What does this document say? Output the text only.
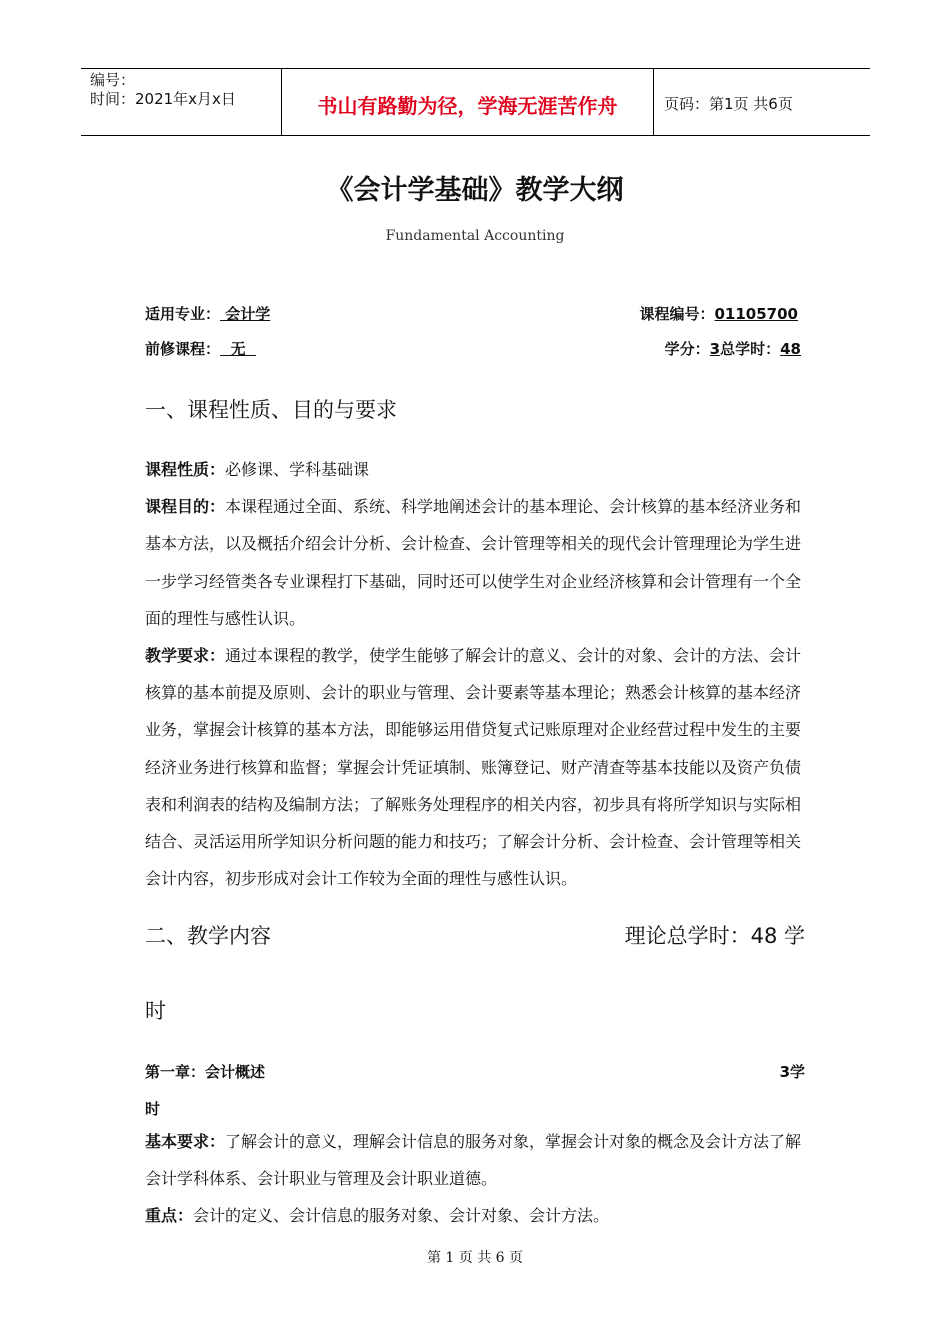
编号：
时间：2021年x月x日	书山有路勤为径，学海无涯苦作舟	页码：第1页 共6页
《会计学基础》教学大纲
Fundamental Accounting
适用专业： 会计学	课程编号：01105700
前修课程：  无	学分：3总学时：48
一、课程性质、目的与要求
课程性质：必修课、学科基础课
课程目的：本课程通过全面、系统、科学地阐述会计的基本理论、会计核算的基本经济业务和基本方法，以及概括介绍会计分析、会计检查、会计管理等相关的现代会计管理理论为学生进一步学习经管类各专业课程打下基础，同时还可以使学生对企业经济核算和会计管理有一个全面的理性与感性认识。
教学要求：通过本课程的教学，使学生能够了解会计的意义、会计的对象、会计的方法、会计核算的基本前提及原则、会计的职业与管理、会计要素等基本理论；熟悉会计核算的基本经济业务，掌握会计核算的基本方法，即能够运用借贷复式记账原理对企业经营过程中发生的主要经济业务进行核算和监督；掌握会计凭证填制、账簿登记、财产清查等基本技能以及资产负债表和利润表的结构及编制方法；了解账务处理程序的相关内容，初步具有将所学知识与实际相结合、灵活运用所学知识分析问题的能力和技巧；了解会计分析、会计检查、会计管理等相关会计内容，初步形成对会计工作较为全面的理性与感性认识。
二、教学内容	理论总学时：48 学
时
第一章：会计概述	3学
时
基本要求：了解会计的意义，理解会计信息的服务对象，掌握会计对象的概念及会计方法了解会计学科体系、会计职业与管理及会计职业道德。
重点：会计的定义、会计信息的服务对象、会计对象、会计方法。
第 1 页 共 6 页
